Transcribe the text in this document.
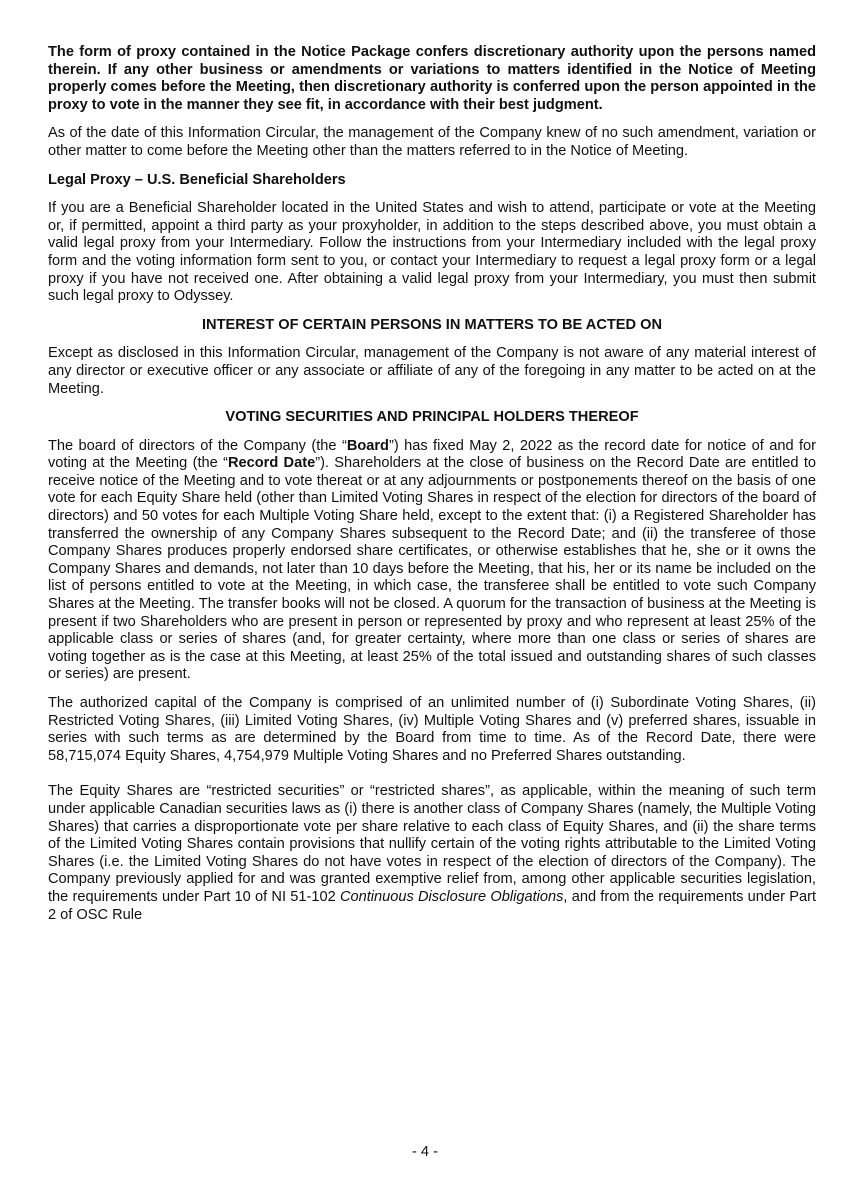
The form of proxy contained in the Notice Package confers discretionary authority upon the persons named therein. If any other business or amendments or variations to matters identified in the Notice of Meeting properly comes before the Meeting, then discretionary authority is conferred upon the person appointed in the proxy to vote in the manner they see fit, in accordance with their best judgment.

As of the date of this Information Circular, the management of the Company knew of no such amendment, variation or other matter to come before the Meeting other than the matters referred to in the Notice of Meeting.

Legal Proxy – U.S. Beneficial Shareholders

If you are a Beneficial Shareholder located in the United States and wish to attend, participate or vote at the Meeting or, if permitted, appoint a third party as your proxyholder, in addition to the steps described above, you must obtain a valid legal proxy from your Intermediary. Follow the instructions from your Intermediary included with the legal proxy form and the voting information form sent to you, or contact your Intermediary to request a legal proxy form or a legal proxy if you have not received one. After obtaining a valid legal proxy from your Intermediary, you must then submit such legal proxy to Odyssey.

INTEREST OF CERTAIN PERSONS IN MATTERS TO BE ACTED ON

Except as disclosed in this Information Circular, management of the Company is not aware of any material interest of any director or executive officer or any associate or affiliate of any of the foregoing in any matter to be acted on at the Meeting.

VOTING SECURITIES AND PRINCIPAL HOLDERS THEREOF

The board of directors of the Company (the “Board”) has fixed May 2, 2022 as the record date for notice of and for voting at the Meeting (the “Record Date”). Shareholders at the close of business on the Record Date are entitled to receive notice of the Meeting and to vote thereat or at any adjournments or postponements thereof on the basis of one vote for each Equity Share held (other than Limited Voting Shares in respect of the election for directors of the board of directors) and 50 votes for each Multiple Voting Share held, except to the extent that: (i) a Registered Shareholder has transferred the ownership of any Company Shares subsequent to the Record Date; and (ii) the transferee of those Company Shares produces properly endorsed share certificates, or otherwise establishes that he, she or it owns the Company Shares and demands, not later than 10 days before the Meeting, that his, her or its name be included on the list of persons entitled to vote at the Meeting, in which case, the transferee shall be entitled to vote such Company Shares at the Meeting. The transfer books will not be closed. A quorum for the transaction of business at the Meeting is present if two Shareholders who are present in person or represented by proxy and who represent at least 25% of the applicable class or series of shares (and, for greater certainty, where more than one class or series of shares are voting together as is the case at this Meeting, at least 25% of the total issued and outstanding shares of such classes or series) are present.

The authorized capital of the Company is comprised of an unlimited number of (i) Subordinate Voting Shares, (ii) Restricted Voting Shares, (iii) Limited Voting Shares, (iv) Multiple Voting Shares and (v) preferred shares, issuable in series with such terms as are determined by the Board from time to time. As of the Record Date, there were 58,715,074 Equity Shares, 4,754,979 Multiple Voting Shares and no Preferred Shares outstanding.

The Equity Shares are “restricted securities” or “restricted shares”, as applicable, within the meaning of such term under applicable Canadian securities laws as (i) there is another class of Company Shares (namely, the Multiple Voting Shares) that carries a disproportionate vote per share relative to each class of Equity Shares, and (ii) the share terms of the Limited Voting Shares contain provisions that nullify certain of the voting rights attributable to the Limited Voting Shares (i.e. the Limited Voting Shares do not have votes in respect of the election of directors of the Company). The Company previously applied for and was granted exemptive relief from, among other applicable securities legislation, the requirements under Part 10 of NI 51-102 Continuous Disclosure Obligations, and from the requirements under Part 2 of OSC Rule

- 4 -
